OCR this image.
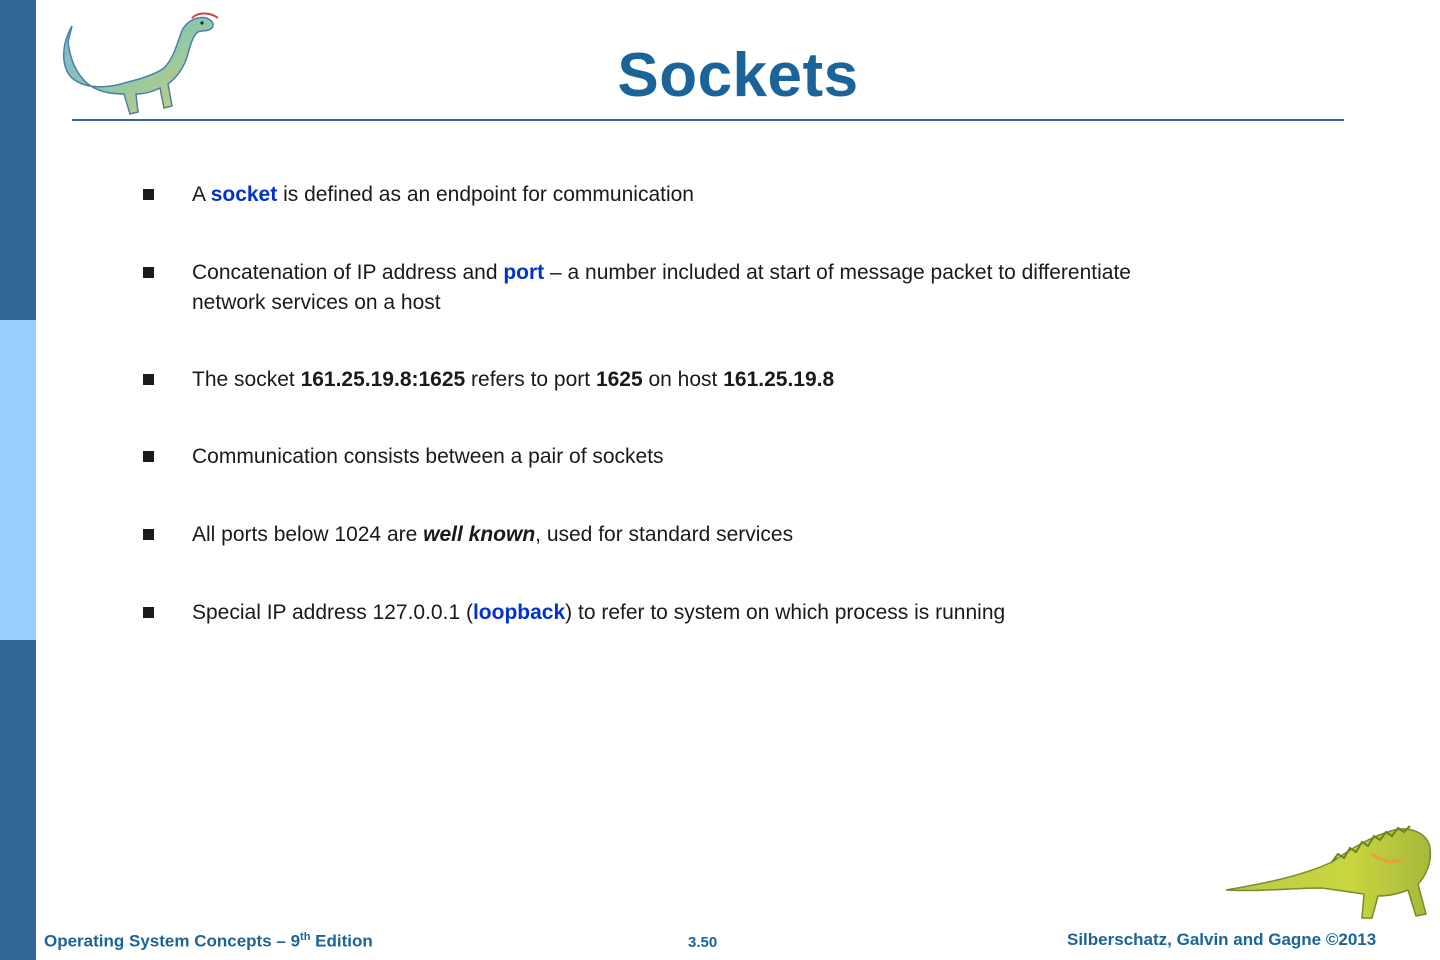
Sockets
A socket is defined as an endpoint for communication
Concatenation of IP address and port – a number included at start of message packet to differentiate network services on a host
The socket 161.25.19.8:1625 refers to port 1625 on host 161.25.19.8
Communication consists between a pair of sockets
All ports below 1024 are well known, used for standard services
Special IP address 127.0.0.1 (loopback) to refer to system on which process is running
Operating System Concepts – 9th Edition	3.50	Silberschatz, Galvin and Gagne ©2013
